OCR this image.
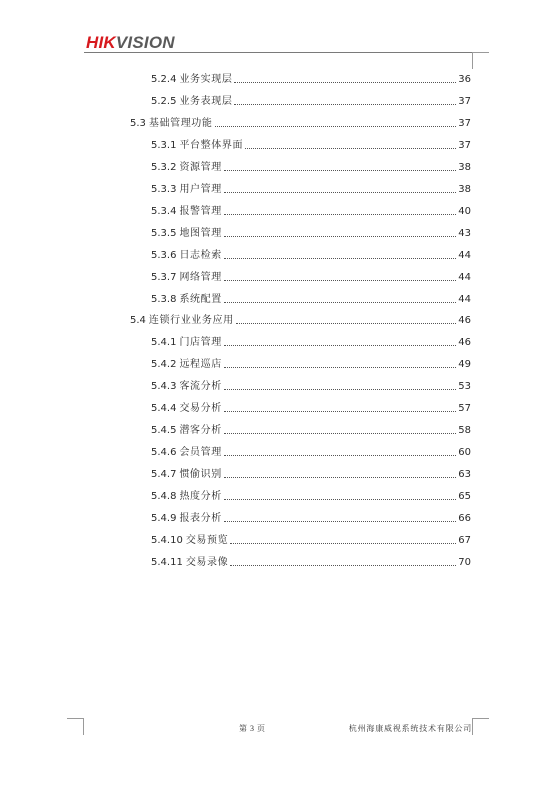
HIKVISION
5.2.4 业务实现层	36
5.2.5 业务表现层	37
5.3 基础管理功能	37
5.3.1 平台整体界面	37
5.3.2 资源管理	38
5.3.3 用户管理	38
5.3.4 报警管理	40
5.3.5 地图管理	43
5.3.6 日志检索	44
5.3.7 网络管理	44
5.3.8 系统配置	44
5.4 连锁行业业务应用	46
5.4.1 门店管理	46
5.4.2 远程巡店	49
5.4.3 客流分析	53
5.4.4 交易分析	57
5.4.5 潜客分析	58
5.4.6 会员管理	60
5.4.7 惯偷识别	63
5.4.8 热度分析	65
5.4.9 报表分析	66
5.4.10 交易预览	67
5.4.11 交易录像	70
第 3 页	杭州海康威视系统技术有限公司
